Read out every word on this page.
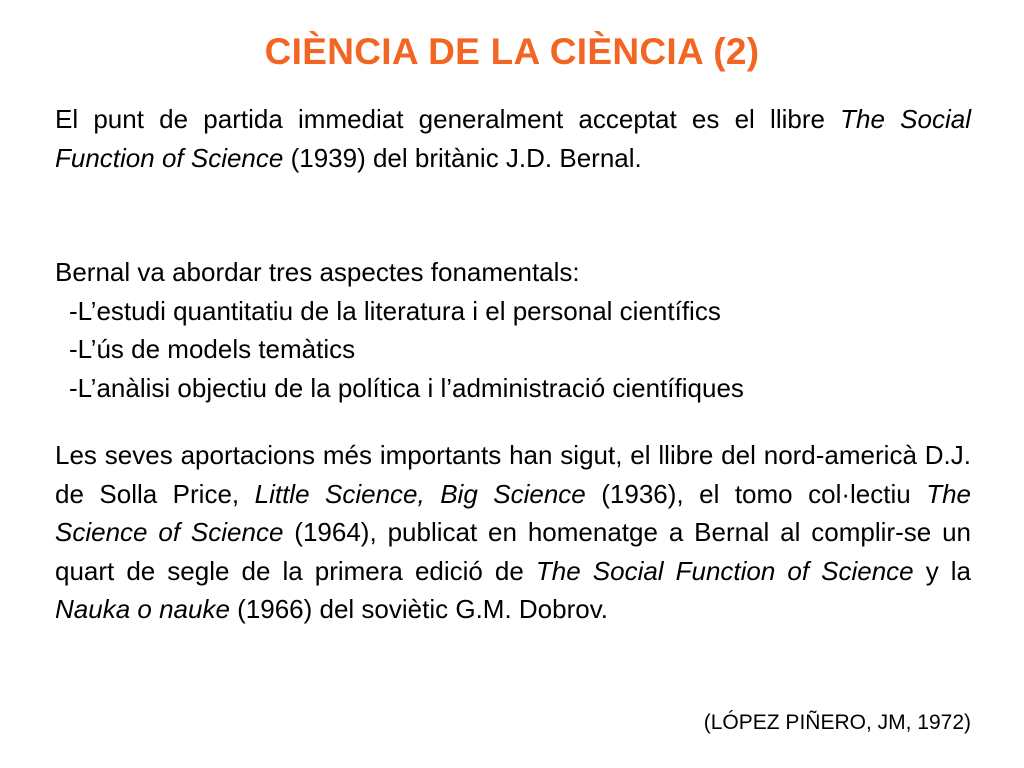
CIÈNCIA DE LA CIÈNCIA (2)
El punt de partida immediat generalment acceptat es el llibre The Social Function of Science (1939) del britànic J.D. Bernal.
Bernal va abordar tres aspectes fonamentals:
-L’estudi quantitatiu de la literatura i el personal científics
-L’ús de models temàtics
-L’anàlisi objectiu de la política i l’administració científiques
Les seves aportacions més importants han sigut, el llibre del nord-americà D.J. de Solla Price, Little Science, Big Science (1936), el tomo col·lectiu The Science of Science (1964), publicat en homenatge a Bernal al complir-se un quart de segle de la primera edició de The Social Function of Science y la Nauka o nauke (1966) del soviètic G.M. Dobrov.
(LÓPEZ PIÑERO, JM, 1972)
